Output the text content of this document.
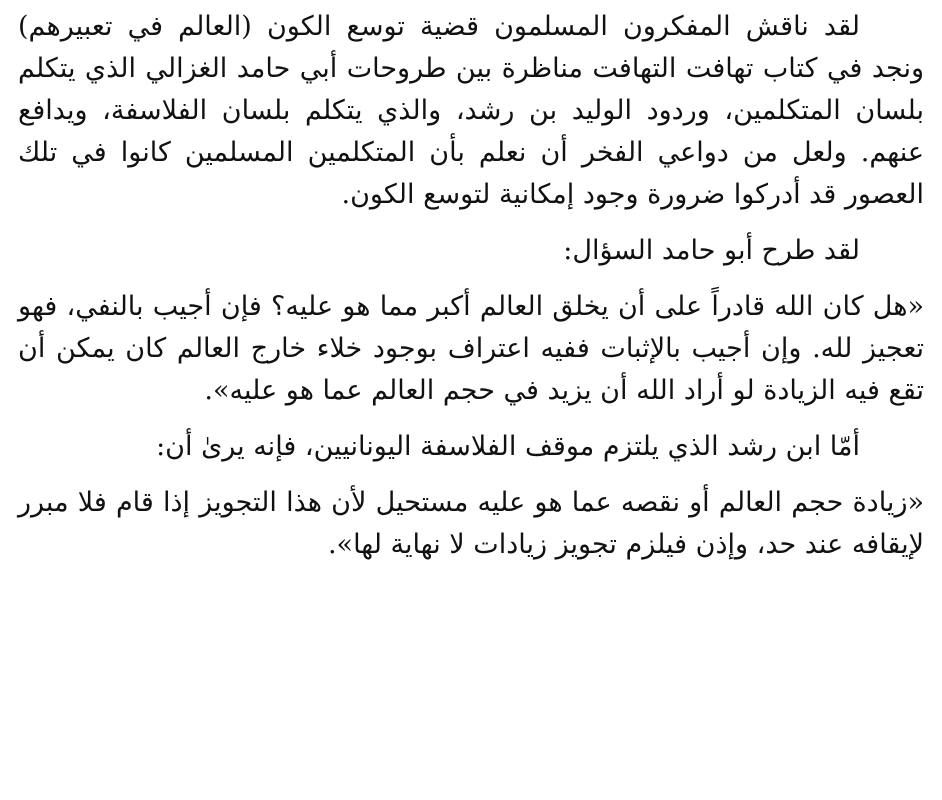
لقد ناقش المفكرون المسلمون قضية توسع الكون (العالم في تعبيرهم) ونجد في كتاب تهافت التهافت مناظرة بين طروحات أبي حامد الغزالي الذي يتكلم بلسان المتكلمين، وردود الوليد بن رشد، والذي يتكلم بلسان الفلاسفة، ويدافع عنهم. ولعل من دواعي الفخر أن نعلم بأن المتكلمين المسلمين كانوا في تلك العصور قد أدركوا ضرورة وجود إمكانية لتوسع الكون.

لقد طرح أبو حامد السؤال:

«هل كان الله قادراً على أن يخلق العالم أكبر مما هو عليه؟ فإن أجيب بالنفي، فهو تعجيز لله. وإن أجيب بالإثبات ففيه اعتراف بوجود خلاء خارج العالم كان يمكن أن تقع فيه الزيادة لو أراد الله أن يزيد في حجم العالم عما هو عليه».

أمّا ابن رشد الذي يلتزم موقف الفلاسفة اليونانيين، فإنه يرىٰ أن:

«زيادة حجم العالم أو نقصه عما هو عليه مستحيل لأن هذا التجويز إذا قام فلا مبرر لإيقافه عند حد، وإذن فيلزم تجويز زيادات لا نهاية لها».
